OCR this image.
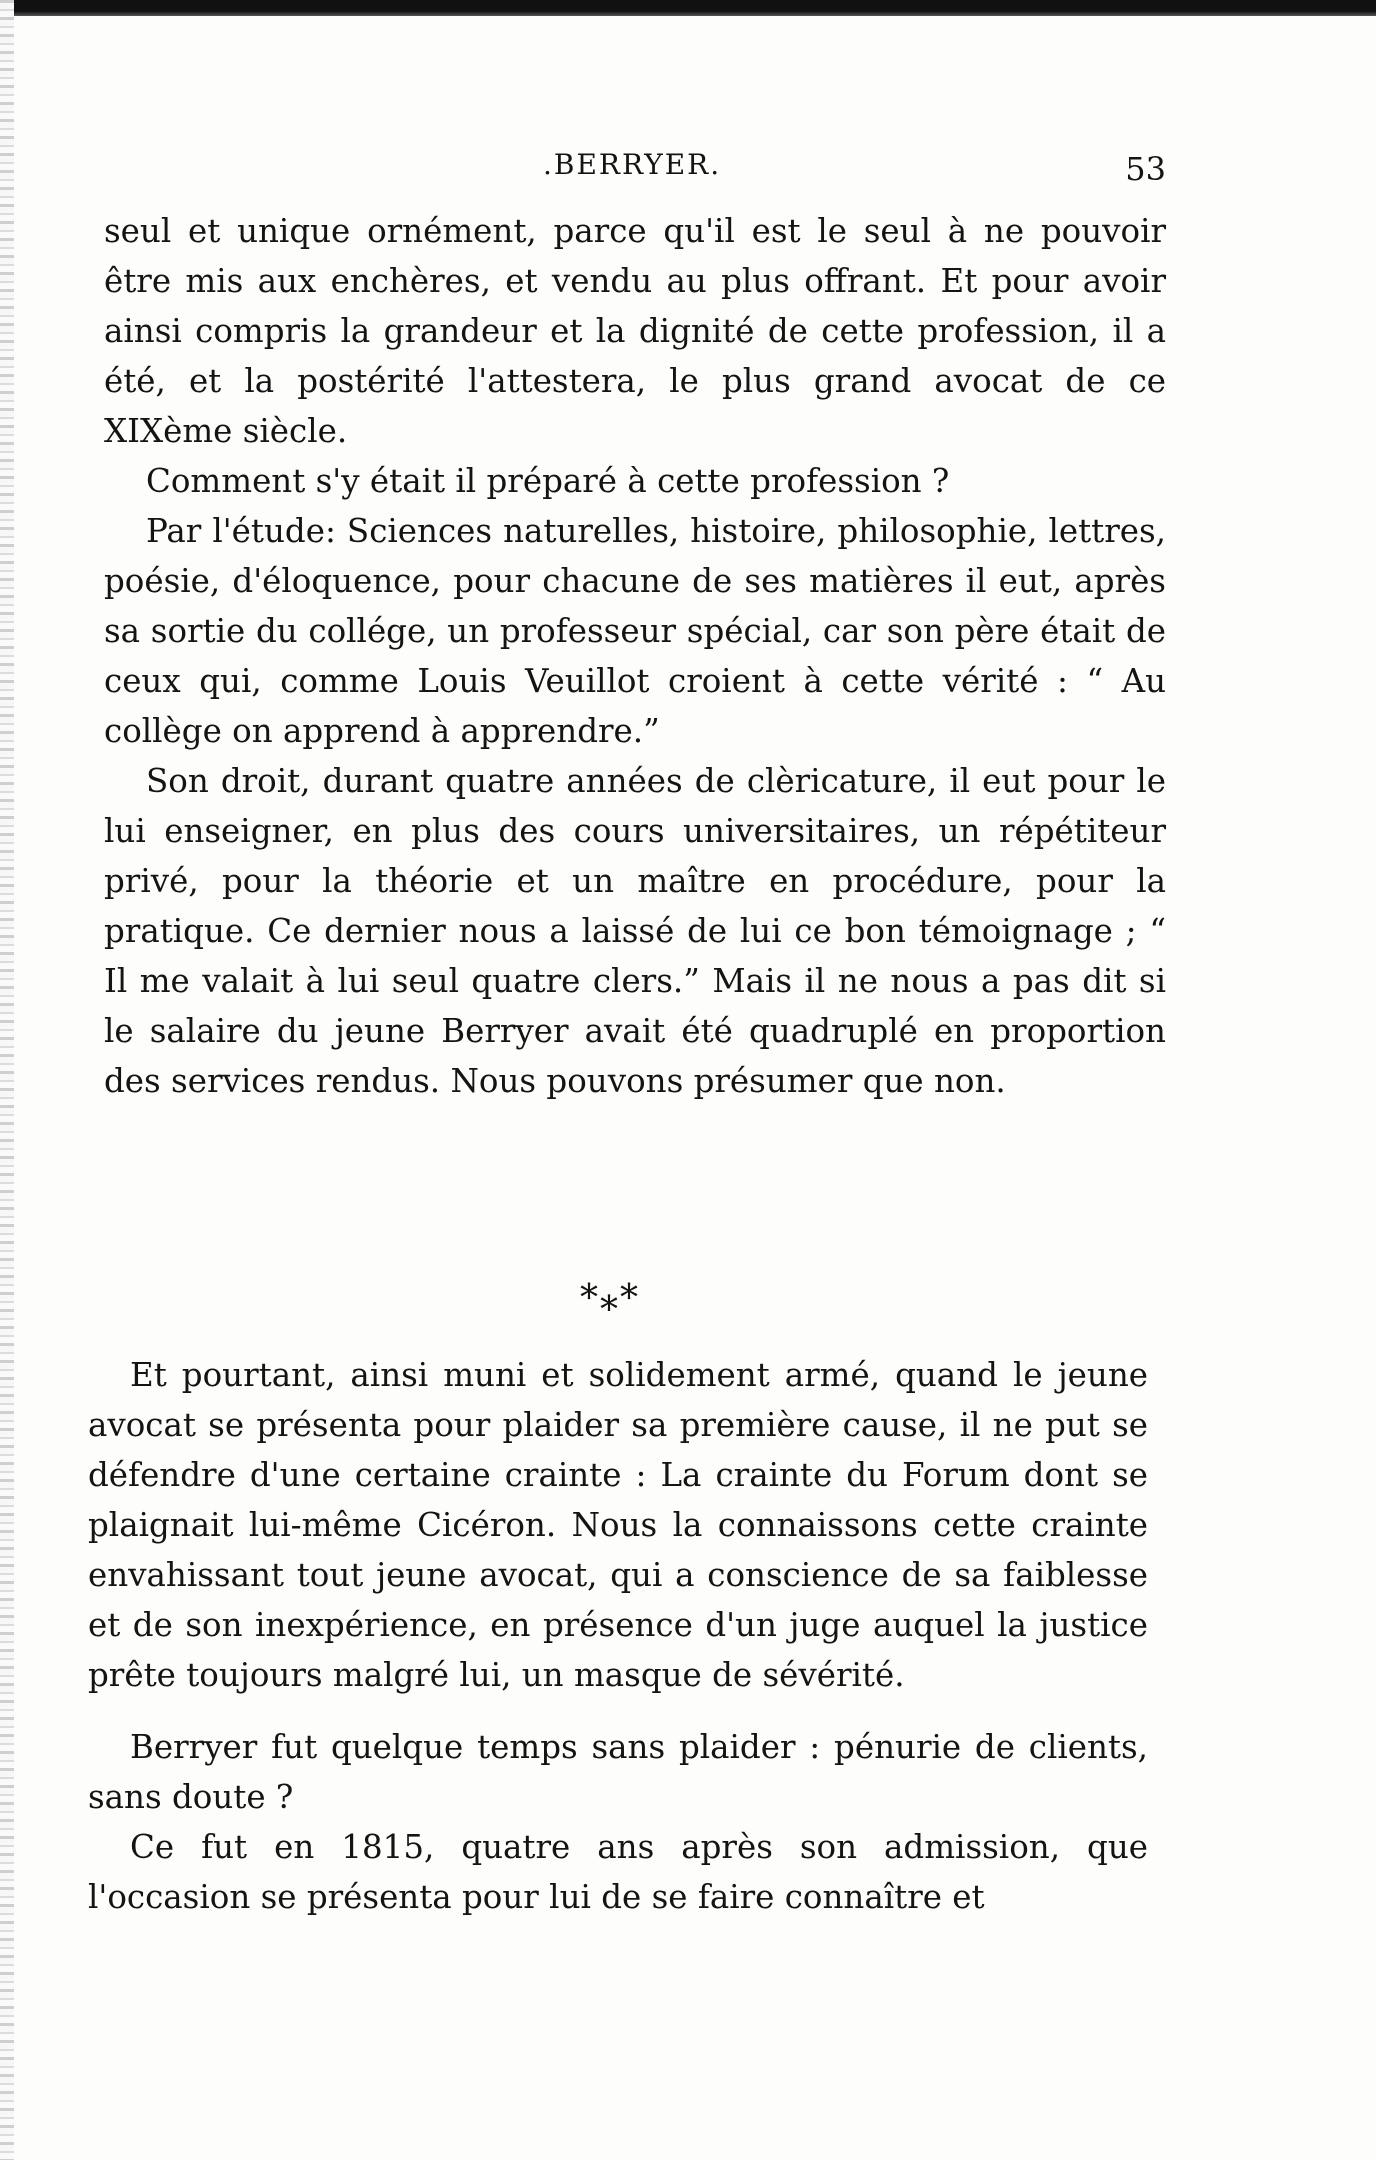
.BERRYER.	53

seul et unique ornément, parce qu'il est le seul à ne pouvoir être mis aux enchères, et vendu au plus offrant. Et pour avoir ainsi compris la grandeur et la dignité de cette profession, il a été, et la postérité l'attestera, le plus grand avocat de ce XIXème siècle.

Comment s'y était il préparé à cette profession ?

Par l'étude: Sciences naturelles, histoire, philosophie, lettres, poésie, d'éloquence, pour chacune de ses matières il eut, après sa sortie du collége, un professeur spécial, car son père était de ceux qui, comme Louis Veuillot croient à cette vérité : “ Au collège on apprend à apprendre.”

Son droit, durant quatre années de clèricature, il eut pour le lui enseigner, en plus des cours universitaires, un répétiteur privé, pour la théorie et un maître en procédure, pour la pratique. Ce dernier nous a laissé de lui ce bon témoignage ; “ Il me valait à lui seul quatre clers.” Mais il ne nous a pas dit si le salaire du jeune Berryer avait été quadruplé en proportion des services rendus. Nous pouvons présumer que non.

*⁎*

Et pourtant, ainsi muni et solidement armé, quand le jeune avocat se présenta pour plaider sa première cause, il ne put se défendre d'une certaine crainte : La crainte du Forum dont se plaignait lui-même Cicéron. Nous la connaissons cette crainte envahissant tout jeune avocat, qui a conscience de sa faiblesse et de son inexpérience, en présence d'un juge auquel la justice prête toujours malgré lui, un masque de sévérité.

Berryer fut quelque temps sans plaider : pénurie de clients, sans doute ?

Ce fut en 1815, quatre ans après son admission, que l'occasion se présenta pour lui de se faire connaître et
